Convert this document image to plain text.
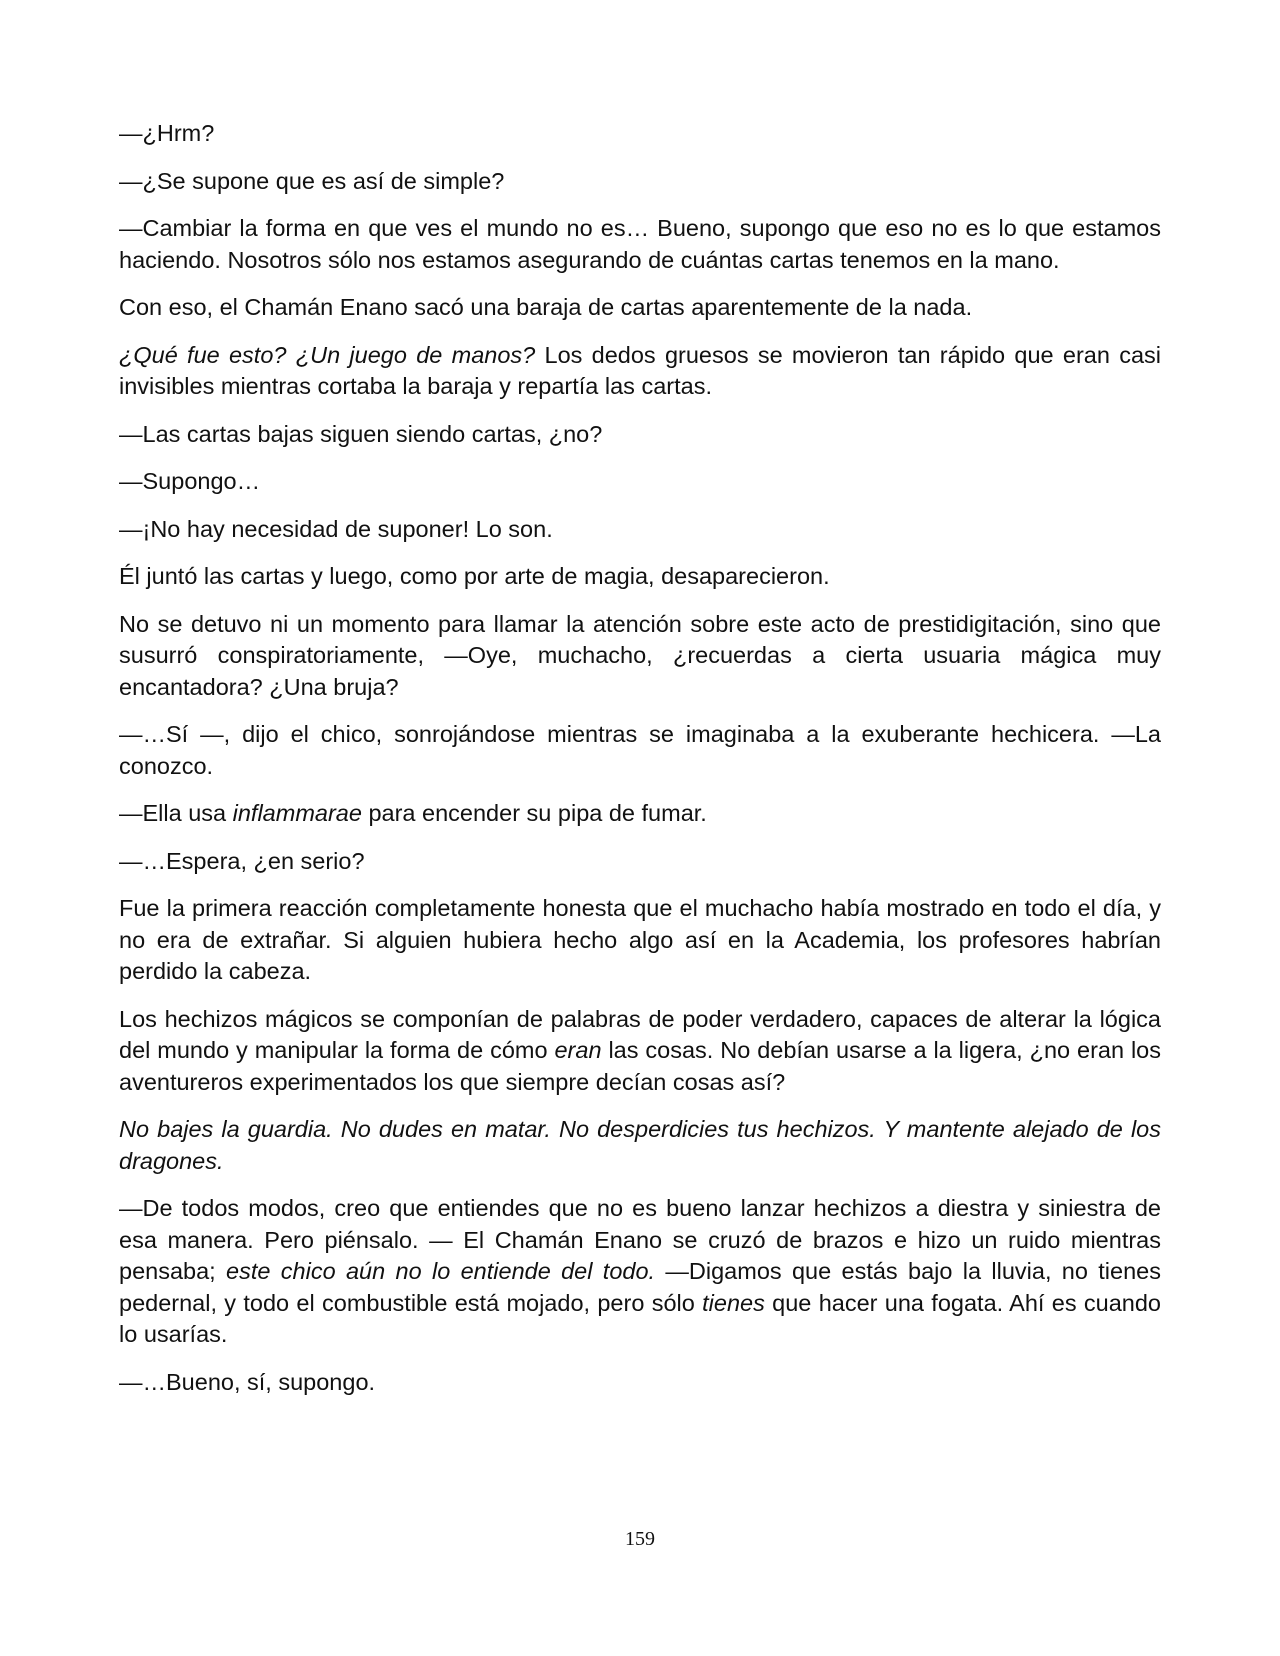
—¿Hrm?

—¿Se supone que es así de simple?

—Cambiar la forma en que ves el mundo no es… Bueno, supongo que eso no es lo que estamos haciendo. Nosotros sólo nos estamos asegurando de cuántas cartas tenemos en la mano.

Con eso, el Chamán Enano sacó una baraja de cartas aparentemente de la nada.

¿Qué fue esto? ¿Un juego de manos? Los dedos gruesos se movieron tan rápido que eran casi invisibles mientras cortaba la baraja y repartía las cartas.

—Las cartas bajas siguen siendo cartas, ¿no?

—Supongo…

—¡No hay necesidad de suponer! Lo son.

Él juntó las cartas y luego, como por arte de magia, desaparecieron.

No se detuvo ni un momento para llamar la atención sobre este acto de prestidigitación, sino que susurró conspiratoriamente, —Oye, muchacho, ¿recuerdas a cierta usuaria mágica muy encantadora? ¿Una bruja?

—…Sí —, dijo el chico, sonrojándose mientras se imaginaba a la exuberante hechicera. —La conozco.

—Ella usa inflammarae para encender su pipa de fumar.

—…Espera, ¿en serio?

Fue la primera reacción completamente honesta que el muchacho había mostrado en todo el día, y no era de extrañar. Si alguien hubiera hecho algo así en la Academia, los profesores habrían perdido la cabeza.

Los hechizos mágicos se componían de palabras de poder verdadero, capaces de alterar la lógica del mundo y manipular la forma de cómo eran las cosas. No debían usarse a la ligera, ¿no eran los aventureros experimentados los que siempre decían cosas así?

No bajes la guardia. No dudes en matar. No desperdicies tus hechizos. Y mantente alejado de los dragones.

—De todos modos, creo que entiendes que no es bueno lanzar hechizos a diestra y siniestra de esa manera. Pero piénsalo. — El Chamán Enano se cruzó de brazos e hizo un ruido mientras pensaba; este chico aún no lo entiende del todo. —Digamos que estás bajo la lluvia, no tienes pedernal, y todo el combustible está mojado, pero sólo tienes que hacer una fogata. Ahí es cuando lo usarías.

—…Bueno, sí, supongo.

159
